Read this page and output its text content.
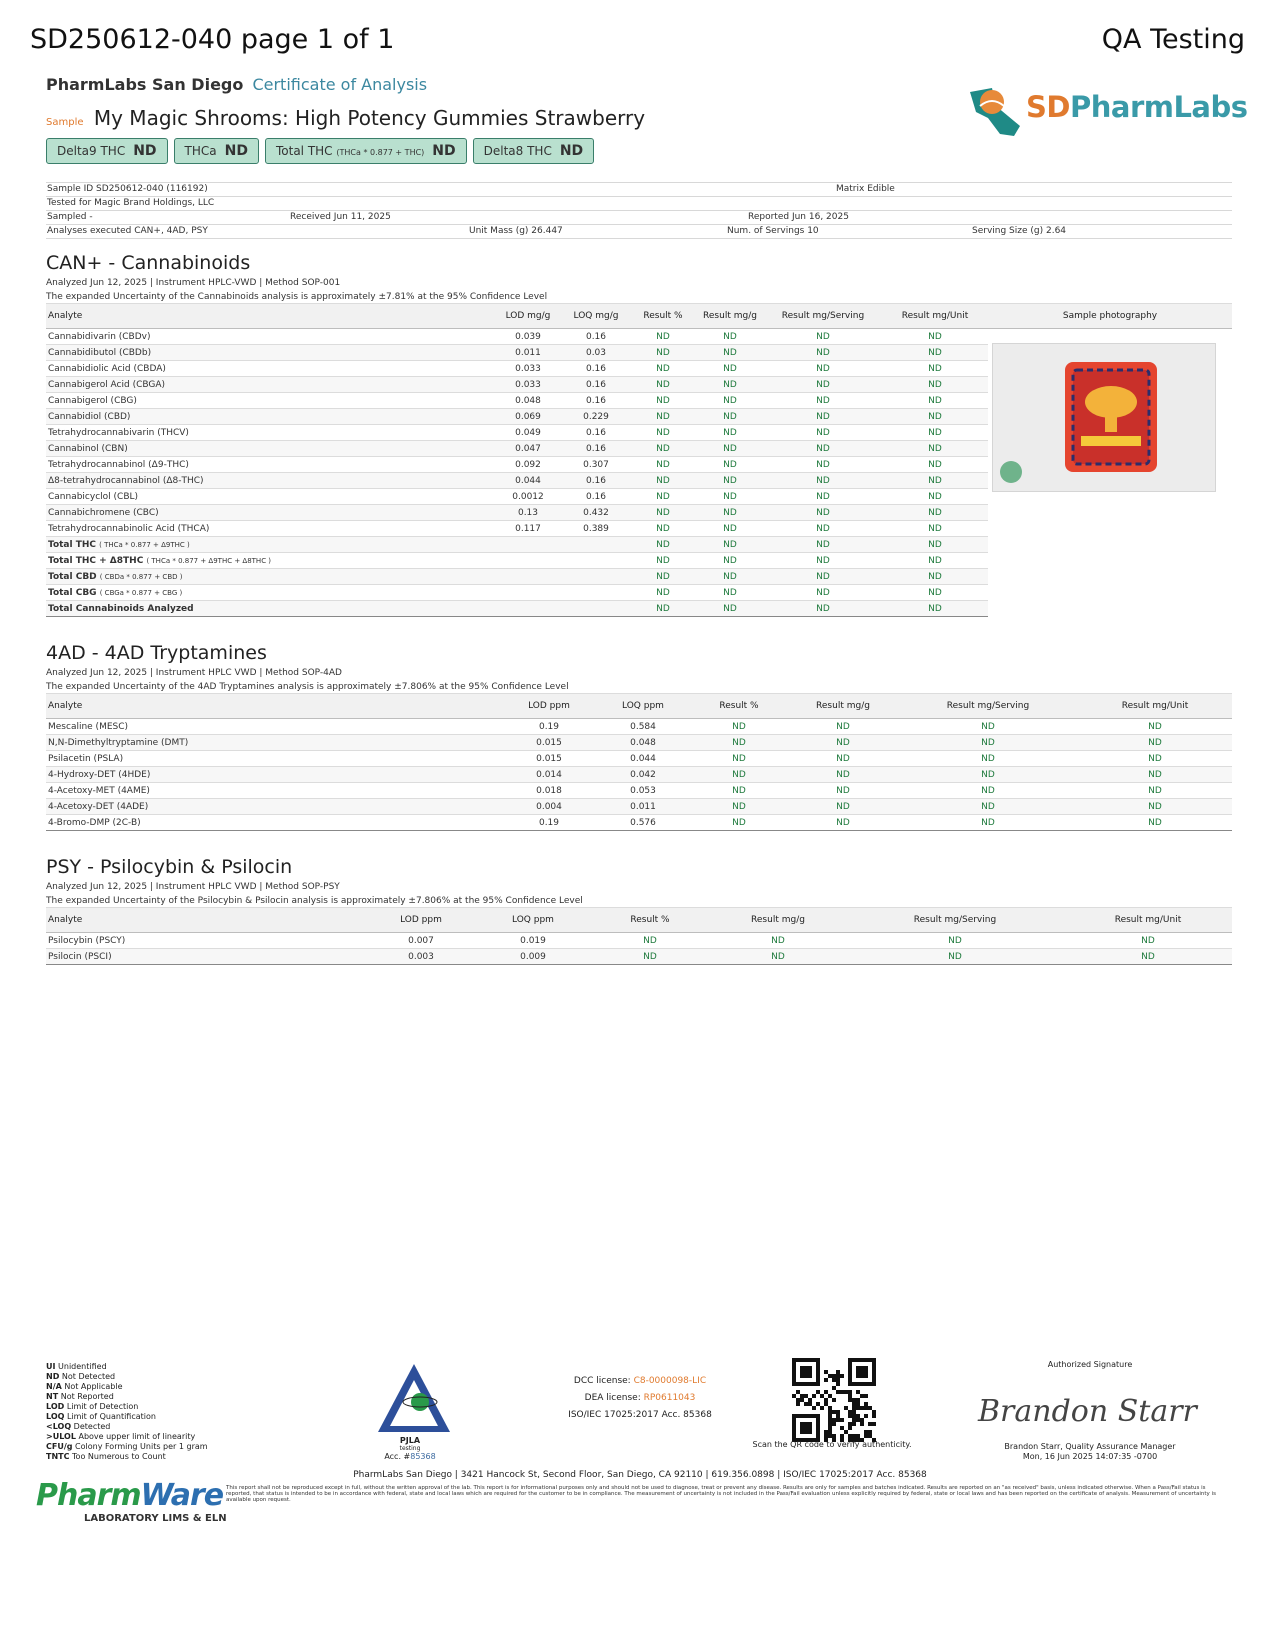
SD250612-040 page 1 of 1	QA Testing
PharmLabs San Diego Certificate of Analysis
Sample My Magic Shrooms: High Potency Gummies Strawberry
Delta9 THC ND	THCa ND	Total THC (THCa * 0.877 + THC) ND	Delta8 THC ND
SDPharmLabs
Sample ID SD250612-040 (116192)	Matrix Edible
Tested for Magic Brand Holdings, LLC
Sampled -	Received Jun 11, 2025	Reported Jun 16, 2025
Analyses executed CAN+, 4AD, PSY	Unit Mass (g) 26.447	Num. of Servings 10	Serving Size (g) 2.64
CAN+ - Cannabinoids
Analyzed Jun 12, 2025 | Instrument HPLC-VWD | Method SOP-001
The expanded Uncertainty of the Cannabinoids analysis is approximately ±7.81% at the 95% Confidence Level
Analyte	LOD mg/g	LOQ mg/g	Result %	Result mg/g	Result mg/Serving	Result mg/Unit
Cannabidivarin (CBDv)	0.039	0.16	ND	ND	ND	ND
Cannabidibutol (CBDb)	0.011	0.03	ND	ND	ND	ND
Cannabidiolic Acid (CBDA)	0.033	0.16	ND	ND	ND	ND
Cannabigerol Acid (CBGA)	0.033	0.16	ND	ND	ND	ND
Cannabigerol (CBG)	0.048	0.16	ND	ND	ND	ND
Cannabidiol (CBD)	0.069	0.229	ND	ND	ND	ND
Tetrahydrocannabivarin (THCV)	0.049	0.16	ND	ND	ND	ND
Cannabinol (CBN)	0.047	0.16	ND	ND	ND	ND
Tetrahydrocannabinol (Δ9-THC)	0.092	0.307	ND	ND	ND	ND
Δ8-tetrahydrocannabinol (Δ8-THC)	0.044	0.16	ND	ND	ND	ND
Cannabicyclol (CBL)	0.0012	0.16	ND	ND	ND	ND
Cannabichromene (CBC)	0.13	0.432	ND	ND	ND	ND
Tetrahydrocannabinolic Acid (THCA)	0.117	0.389	ND	ND	ND	ND
Total THC ( THCa * 0.877 + Δ9THC )			ND	ND	ND	ND
Total THC + Δ8THC ( THCa * 0.877 + Δ9THC + Δ8THC )			ND	ND	ND	ND
Total CBD ( CBDa * 0.877 + CBD )			ND	ND	ND	ND
Total CBG ( CBGa * 0.877 + CBG )			ND	ND	ND	ND
Total Cannabinoids Analyzed			ND	ND	ND	ND
Sample photography
4AD - 4AD Tryptamines
Analyzed Jun 12, 2025 | Instrument HPLC VWD | Method SOP-4AD
The expanded Uncertainty of the 4AD Tryptamines analysis is approximately ±7.806% at the 95% Confidence Level
Analyte	LOD ppm	LOQ ppm	Result %	Result mg/g	Result mg/Serving	Result mg/Unit
Mescaline (MESC)	0.19	0.584	ND	ND	ND	ND
N,N-Dimethyltryptamine (DMT)	0.015	0.048	ND	ND	ND	ND
Psilacetin (PSLA)	0.015	0.044	ND	ND	ND	ND
4-Hydroxy-DET (4HDE)	0.014	0.042	ND	ND	ND	ND
4-Acetoxy-MET (4AME)	0.018	0.053	ND	ND	ND	ND
4-Acetoxy-DET (4ADE)	0.004	0.011	ND	ND	ND	ND
4-Bromo-DMP (2C-B)	0.19	0.576	ND	ND	ND	ND
PSY - Psilocybin & Psilocin
Analyzed Jun 12, 2025 | Instrument HPLC VWD | Method SOP-PSY
The expanded Uncertainty of the Psilocybin & Psilocin analysis is approximately ±7.806% at the 95% Confidence Level
Analyte	LOD ppm	LOQ ppm	Result %	Result mg/g	Result mg/Serving	Result mg/Unit
Psilocybin (PSCY)	0.007	0.019	ND	ND	ND	ND
Psilocin (PSCI)	0.003	0.009	ND	ND	ND	ND
UI Unidentified
ND Not Detected
N/A Not Applicable
NT Not Reported
LOD Limit of Detection
LOQ Limit of Quantification
<LOQ Detected
>ULOL Above upper limit of linearity
CFU/g Colony Forming Units per 1 gram
TNTC Too Numerous to Count
PJLA
testing
Acc. #85368
DCC license: C8-0000098-LIC
DEA license: RP0611043
ISO/IEC 17025:2017 Acc. 85368
Scan the QR code to verify authenticity.
Authorized Signature
Brandon Starr
Brandon Starr, Quality Assurance Manager
Mon, 16 Jun 2025 14:07:35 -0700
PharmLabs San Diego | 3421 Hancock St, Second Floor, San Diego, CA 92110 | 619.356.0898 | ISO/IEC 17025:2017 Acc. 85368
This report shall not be reproduced except in full, without the written approval of the lab. This report is for informational purposes only and should not be used to diagnose, treat or prevent any disease. Results are only for samples and batches indicated. Results are reported on an "as received" basis, unless indicated otherwise. When a Pass/Fail status is reported, that status is intended to be in accordance with federal, state and local laws which are required for the customer to be in compliance. The measurement of uncertainty is not included in the Pass/Fail evaluation unless explicitly required by federal, state or local laws and has been reported on the certificate of analysis. Measurement of uncertainty is available upon request.
PharmWare
LABORATORY LIMS & ELN
